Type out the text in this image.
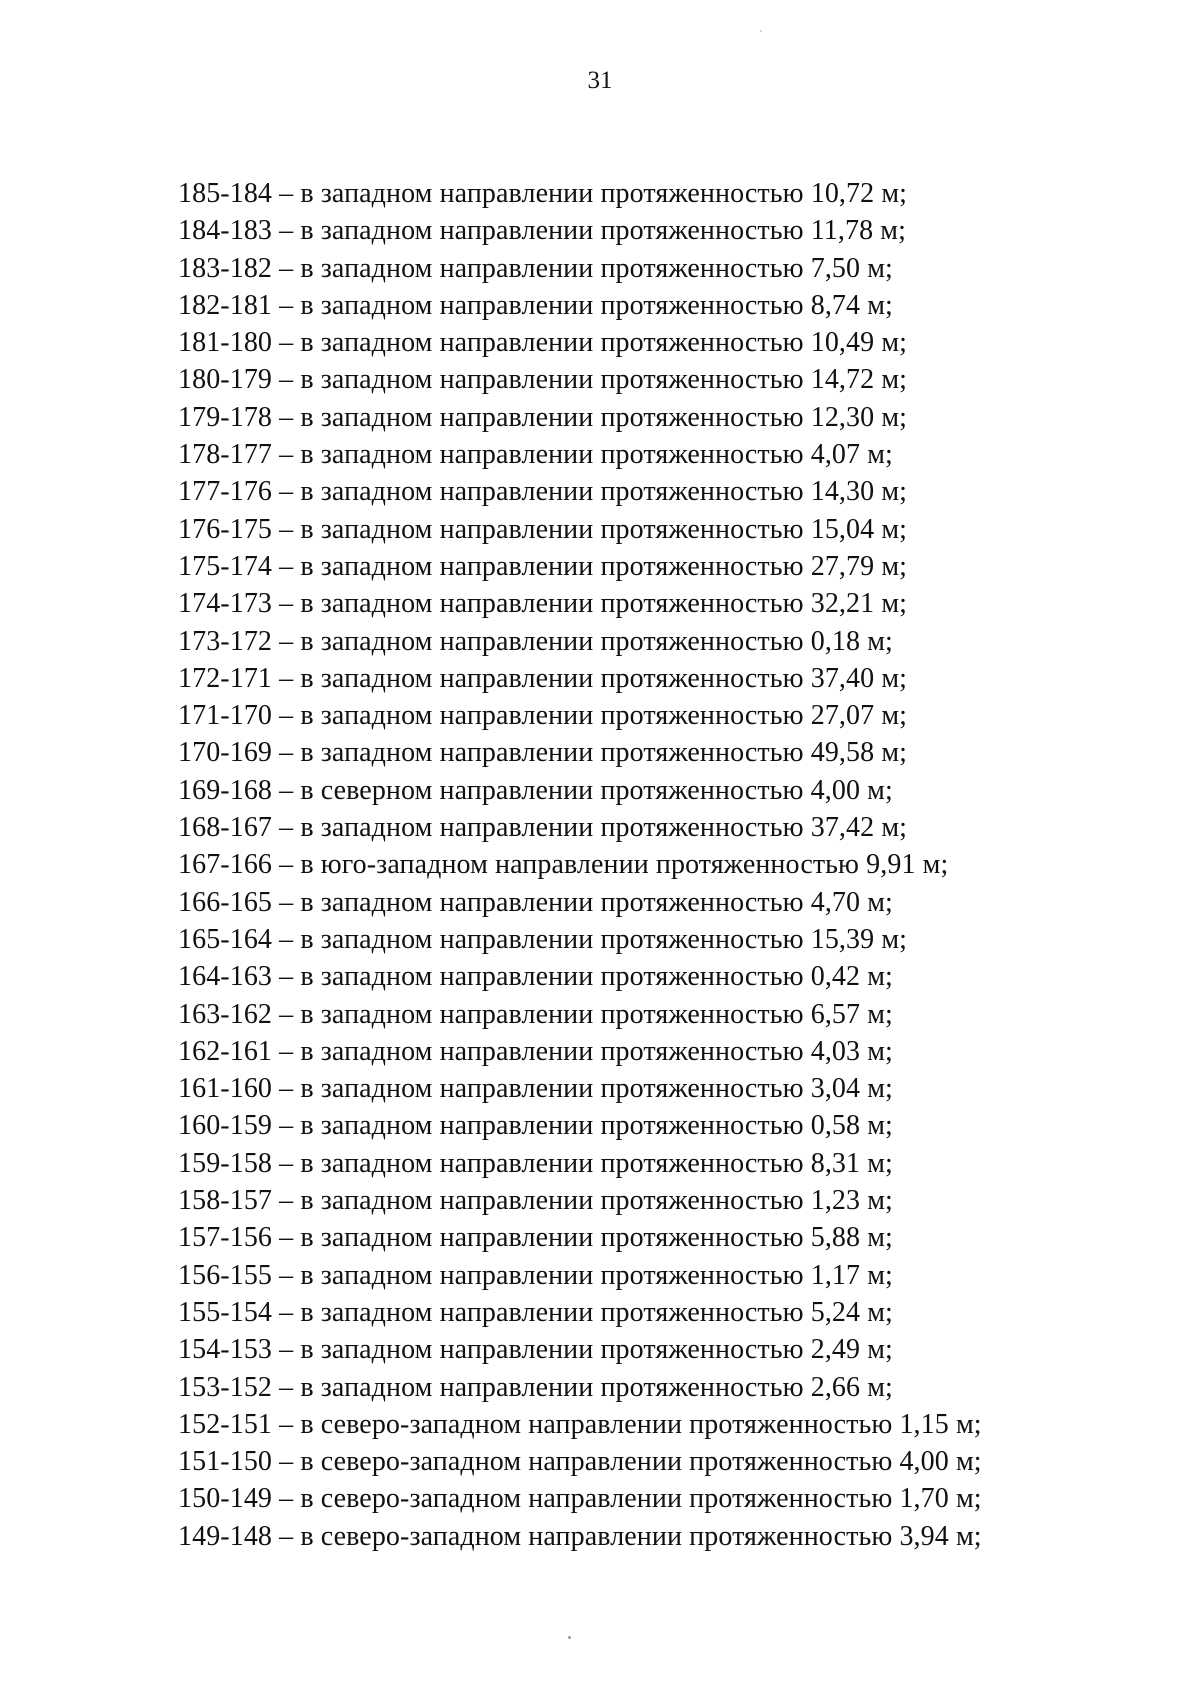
31
185-184 – в западном направлении протяженностью 10,72 м;
184-183 – в западном направлении протяженностью 11,78 м;
183-182 – в западном направлении протяженностью 7,50 м;
182-181 – в западном направлении протяженностью 8,74 м;
181-180 – в западном направлении протяженностью 10,49 м;
180-179 – в западном направлении протяженностью 14,72 м;
179-178 – в западном направлении протяженностью 12,30 м;
178-177 – в западном направлении протяженностью 4,07 м;
177-176 – в западном направлении протяженностью 14,30 м;
176-175 – в западном направлении протяженностью 15,04 м;
175-174 – в западном направлении протяженностью 27,79 м;
174-173 – в западном направлении протяженностью 32,21 м;
173-172 – в западном направлении протяженностью 0,18 м;
172-171 – в западном направлении протяженностью 37,40 м;
171-170 – в западном направлении протяженностью 27,07 м;
170-169 – в западном направлении протяженностью 49,58 м;
169-168 – в северном направлении протяженностью 4,00 м;
168-167 – в западном направлении протяженностью 37,42 м;
167-166 – в юго-западном направлении протяженностью 9,91 м;
166-165 – в западном направлении протяженностью 4,70 м;
165-164 – в западном направлении протяженностью 15,39 м;
164-163 – в западном направлении протяженностью 0,42 м;
163-162 – в западном направлении протяженностью 6,57 м;
162-161 – в западном направлении протяженностью 4,03 м;
161-160 – в западном направлении протяженностью 3,04 м;
160-159 – в западном направлении протяженностью 0,58 м;
159-158 – в западном направлении протяженностью 8,31 м;
158-157 – в западном направлении протяженностью 1,23 м;
157-156 – в западном направлении протяженностью 5,88 м;
156-155 – в западном направлении протяженностью 1,17 м;
155-154 – в западном направлении протяженностью 5,24 м;
154-153 – в западном направлении протяженностью 2,49 м;
153-152 – в западном направлении протяженностью 2,66 м;
152-151 – в северо-западном направлении протяженностью 1,15 м;
151-150 – в северо-западном направлении протяженностью 4,00 м;
150-149 – в северо-западном направлении протяженностью 1,70 м;
149-148 – в северо-западном направлении протяженностью 3,94 м;
